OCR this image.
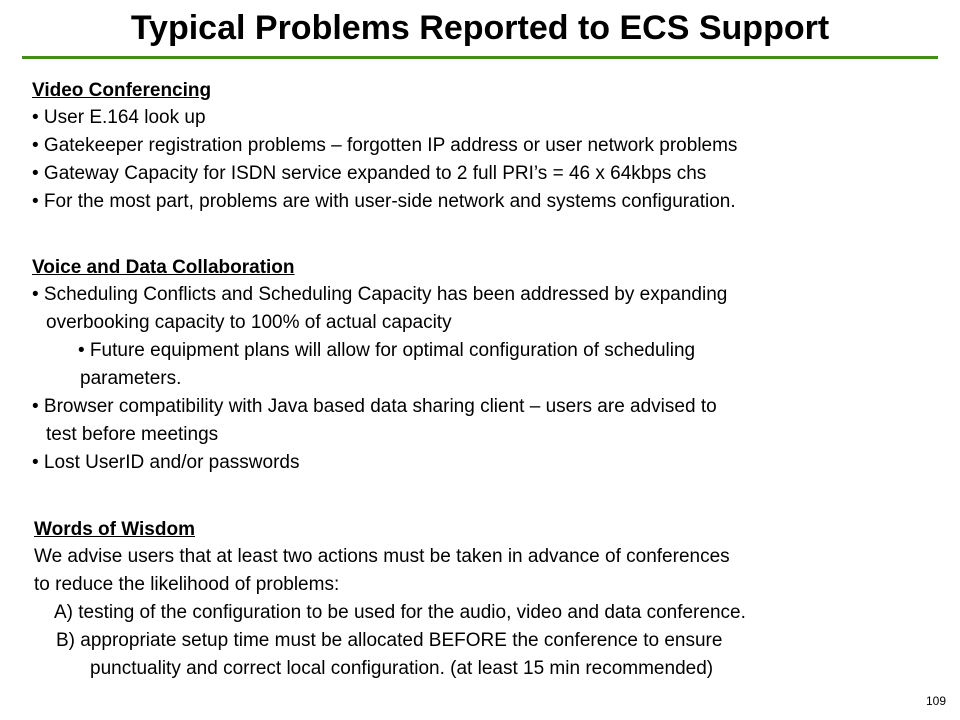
Typical Problems Reported to ECS Support

Video Conferencing

• User E.164 look up

• Gatekeeper registration problems – forgotten IP address or user network problems

• Gateway Capacity for ISDN service expanded to 2 full PRI’s = 46 x 64kbps chs

• For the most part, problems are with user-side network and systems configuration.

Voice and Data Collaboration

• Scheduling Conflicts and Scheduling Capacity has been addressed by expanding

overbooking capacity to 100% of actual capacity

• Future equipment plans will allow for optimal configuration of scheduling

parameters.

• Browser compatibility with Java based data sharing client – users are advised to

test before meetings

• Lost UserID and/or passwords

Words of Wisdom

We advise users that at least two actions must be taken in advance of conferences

to reduce the likelihood of problems:

A) testing of the configuration to be used for the audio, video and data conference.

B) appropriate setup time must be allocated BEFORE the conference to ensure

punctuality and correct local configuration. (at least 15 min recommended)

109
